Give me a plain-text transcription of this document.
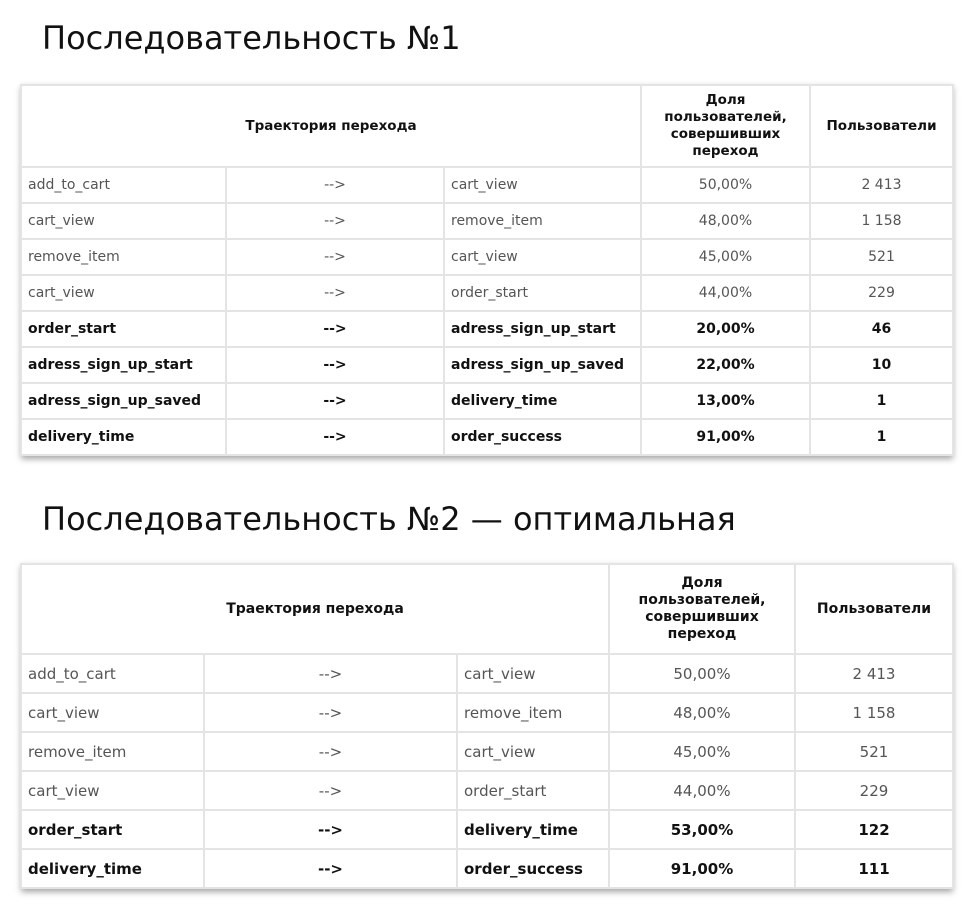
Последовательность №1
Траектория перехода			Доля пользователей, совершивших переход	Пользователи
add_to_cart	-->	cart_view	50,00%	2 413
cart_view	-->	remove_item	48,00%	1 158
remove_item	-->	cart_view	45,00%	521
cart_view	-->	order_start	44,00%	229
order_start	-->	adress_sign_up_start	20,00%	46
adress_sign_up_start	-->	adress_sign_up_saved	22,00%	10
adress_sign_up_saved	-->	delivery_time	13,00%	1
delivery_time	-->	order_success	91,00%	1
Последовательность №2 — оптимальная
Траектория перехода			Доля пользователей, совершивших переход	Пользователи
add_to_cart	-->	cart_view	50,00%	2 413
cart_view	-->	remove_item	48,00%	1 158
remove_item	-->	cart_view	45,00%	521
cart_view	-->	order_start	44,00%	229
order_start	-->	delivery_time	53,00%	122
delivery_time	-->	order_success	91,00%	111
